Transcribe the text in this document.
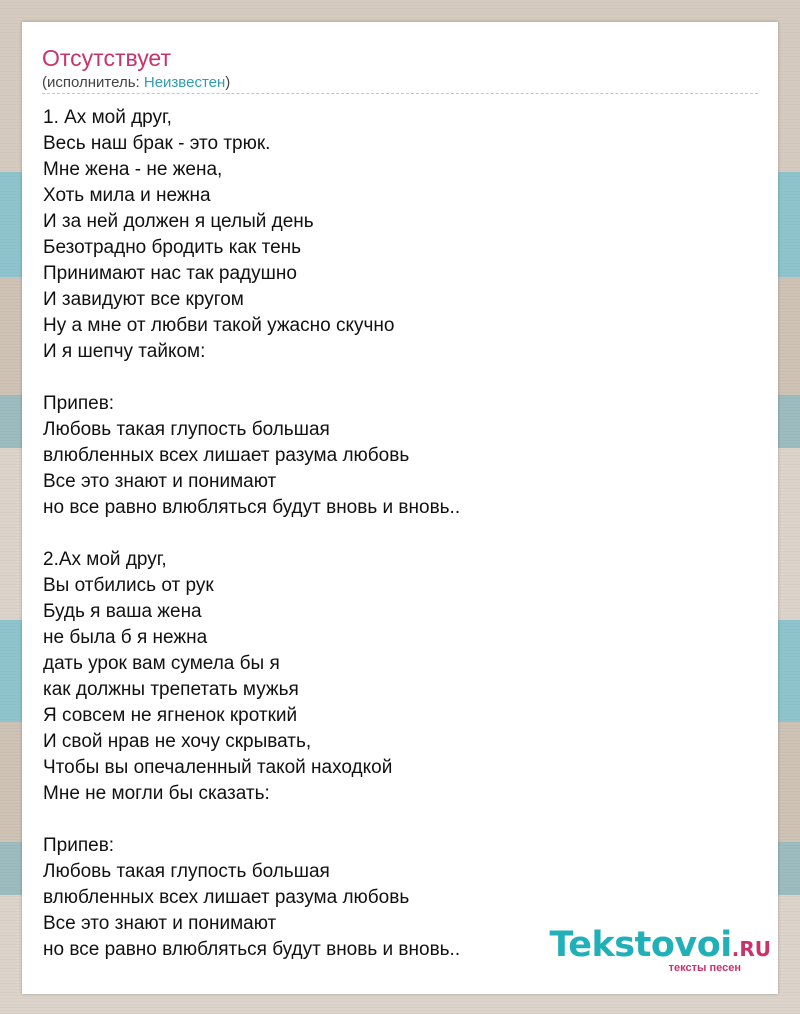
Отсутствует
(исполнитель: Неизвестен)
1. Ах мой друг,
Весь наш брак - это трюк.
Мне жена - не жена,
Хоть мила и нежна
И за ней должен я целый день
Безотрадно бродить как тень
Принимают нас так радушно
И завидуют все кругом
Ну а мне от любви такой ужасно скучно
И я шепчу тайком:
Припев:
Любовь такая глупость большая
влюбленных всех лишает разума любовь
Все это знают и понимают
но все равно влюбляться будут вновь и вновь..
2.Ах мой друг,
Вы отбились от рук
Будь я ваша жена
не была б я нежна
дать урок вам сумела бы я
как должны трепетать мужья
Я совсем не ягненок кроткий
И свой нрав не хочу скрывать,
Чтобы вы опечаленный такой находкой
Мне не могли бы сказать:
Припев:
Любовь такая глупость большая
влюбленных всех лишает разума любовь
Все это знают и понимают
но все равно влюбляться будут вновь и вновь..	Tekstovoi.RU
тексты песен
